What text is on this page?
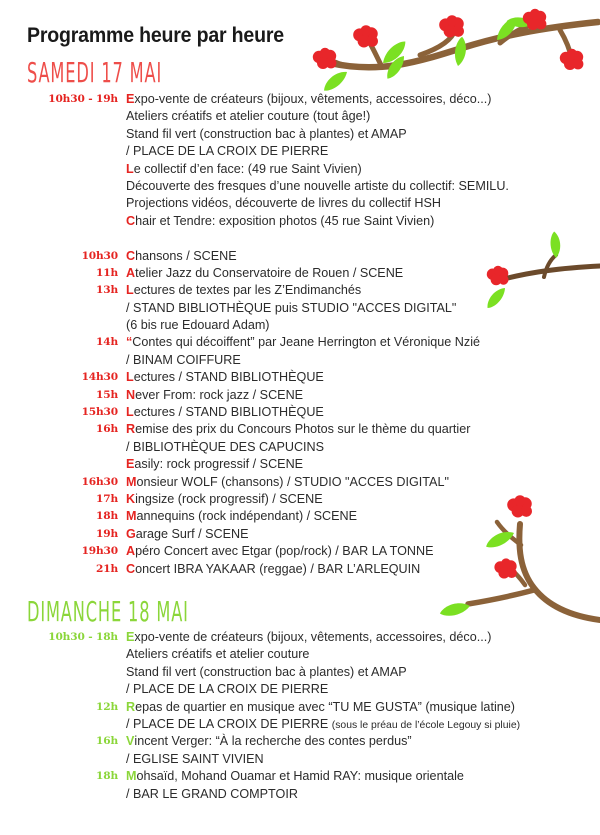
Programme heure par heure
SAMEDI 17 MAI
10h30 - 19h Expo-vente de créateurs (bijoux, vêtements, accessoires, déco...)
Ateliers créatifs et atelier couture (tout âge!)
Stand fil vert (construction bac à plantes) et AMAP
/ PLACE DE LA CROIX DE PIERRE
Le collectif d’en face: (49 rue Saint Vivien)
Découverte des fresques d’une nouvelle artiste du collectif: SEMILU.
Projections vidéos, découverte de livres du collectif HSH
Chair et Tendre: exposition photos (45 rue Saint Vivien)
10h30 Chansons / SCENE
11h Atelier Jazz du Conservatoire de Rouen / SCENE
13h Lectures de textes par les Z’Endimanchés
/ STAND BIBLIOTHÈQUE puis STUDIO "ACCES DIGITAL"
(6 bis rue Edouard Adam)
14h “Contes qui décoiffent” par Jeane Herrington et Véronique Nzié
/ BINAM COIFFURE
14h30 Lectures / STAND BIBLIOTHÈQUE
15h Never From: rock jazz / SCENE
15h30 Lectures / STAND BIBLIOTHÈQUE
16h Remise des prix du Concours Photos sur le thème du quartier
/ BIBLIOTHÈQUE DES CAPUCINS
Easily: rock progressif / SCENE
16h30 Monsieur WOLF (chansons) / STUDIO "ACCES DIGITAL"
17h Kingsize (rock progressif) / SCENE
18h Mannequins (rock indépendant) / SCENE
19h Garage Surf / SCENE
19h30 Apéro Concert avec Etgar (pop/rock) / BAR LA TONNE
21h Concert IBRA YAKAAR (reggae) / BAR L’ARLEQUIN
DIMANCHE 18 MAI
10h30 - 18h Expo-vente de créateurs (bijoux, vêtements, accessoires, déco...)
Ateliers créatifs et atelier couture
Stand fil vert (construction bac à plantes) et AMAP
/ PLACE DE LA CROIX DE PIERRE
12h Repas de quartier en musique avec “TU ME GUSTA” (musique latine)
/ PLACE DE LA CROIX DE PIERRE (sous le préau de l’école Legouy si pluie)
16h Vincent Verger: “À la recherche des contes perdus”
/ EGLISE SAINT VIVIEN
18h Mohsaïd, Mohand Ouamar et Hamid RAY: musique orientale
/ BAR LE GRAND COMPTOIR
